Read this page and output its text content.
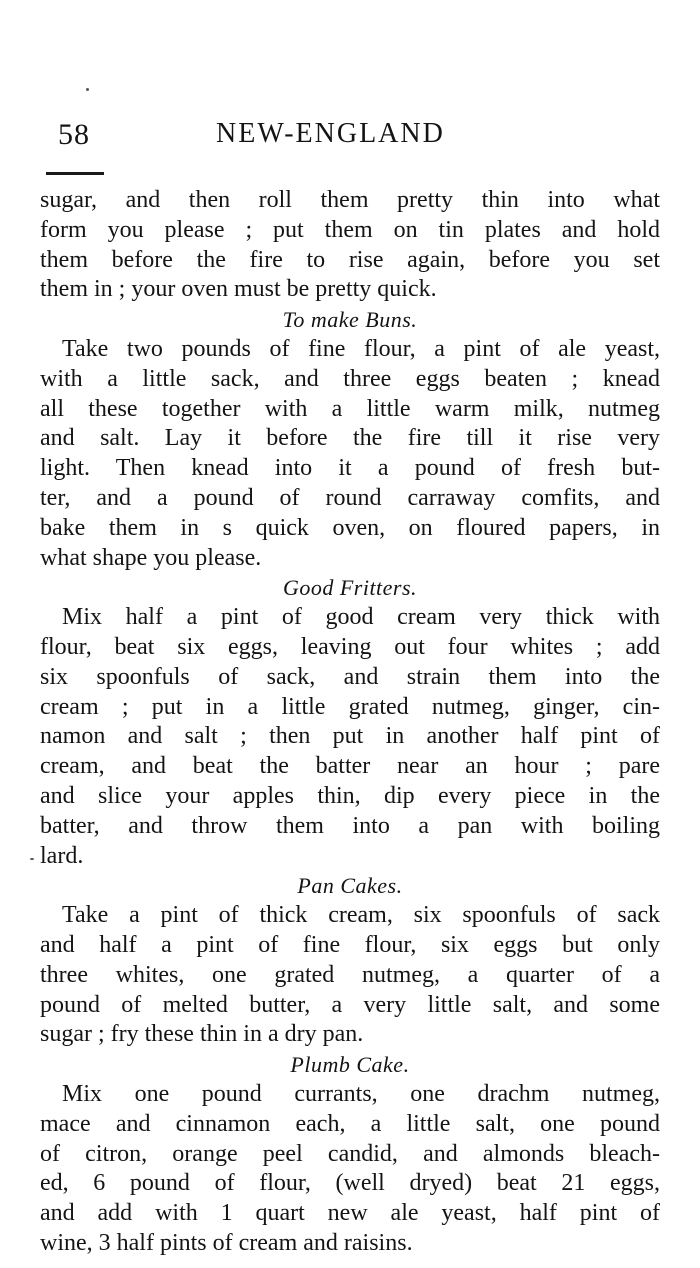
58	NEW-ENGLAND
sugar, and then roll them pretty thin into what
form you please ; put them on tin plates and hold
them before the fire to rise again, before you set
them in ; your oven must be pretty quick.
To make Buns.
Take two pounds of fine flour, a pint of ale yeast,
with a little sack, and three eggs beaten ; knead
all these together with a little warm milk, nutmeg
and salt. Lay it before the fire till it rise very
light. Then knead into it a pound of fresh but-
ter, and a pound of round carraway comfits, and
bake them in s quick oven, on floured papers, in
what shape you please.
Good Fritters.
Mix half a pint of good cream very thick with
flour, beat six eggs, leaving out four whites ; add
six spoonfuls of sack, and strain them into the
cream ; put in a little grated nutmeg, ginger, cin-
namon and salt ; then put in another half pint of
cream, and beat the batter near an hour ; pare
and slice your apples thin, dip every piece in the
batter, and throw them into a pan with boiling
lard.
Pan Cakes.
Take a pint of thick cream, six spoonfuls of sack
and half a pint of fine flour, six eggs but only
three whites, one grated nutmeg, a quarter of a
pound of melted butter, a very little salt, and some
sugar ; fry these thin in a dry pan.
Plumb Cake.
Mix one pound currants, one drachm nutmeg,
mace and cinnamon each, a little salt, one pound
of citron, orange peel candid, and almonds bleach-
ed, 6 pound of flour, (well dryed) beat 21 eggs,
and add with 1 quart new ale yeast, half pint of
wine, 3 half pints of cream and raisins.
